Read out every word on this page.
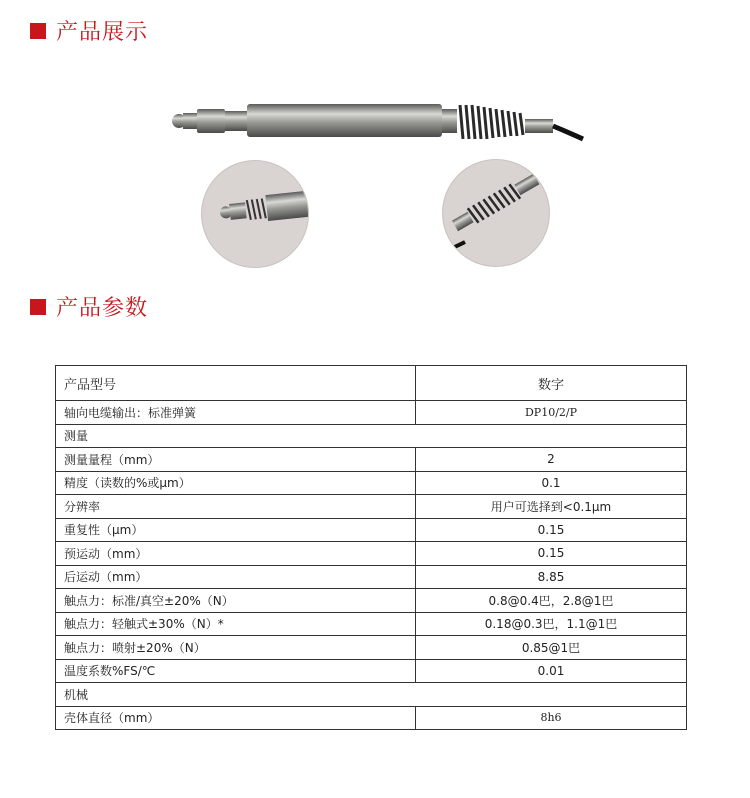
产品展示
产品参数
产品型号	数字
轴向电缆输出：标准弹簧	DP10/2/P
测量	
测量量程（mm）	2
精度（读数的%或μm）	0.1
分辨率	用户可选择到<0.1μm
重复性（μm）	0.15
预运动（mm）	0.15
后运动（mm）	8.85
触点力：标准/真空±20%（N）	0.8@0.4巴，2.8@1巴
触点力：轻触式±30%（N）*	0.18@0.3巴，1.1@1巴
触点力：喷射±20%（N）	0.85@1巴
温度系数%FS/℃	0.01
机械	
壳体直径（mm）	8h6
